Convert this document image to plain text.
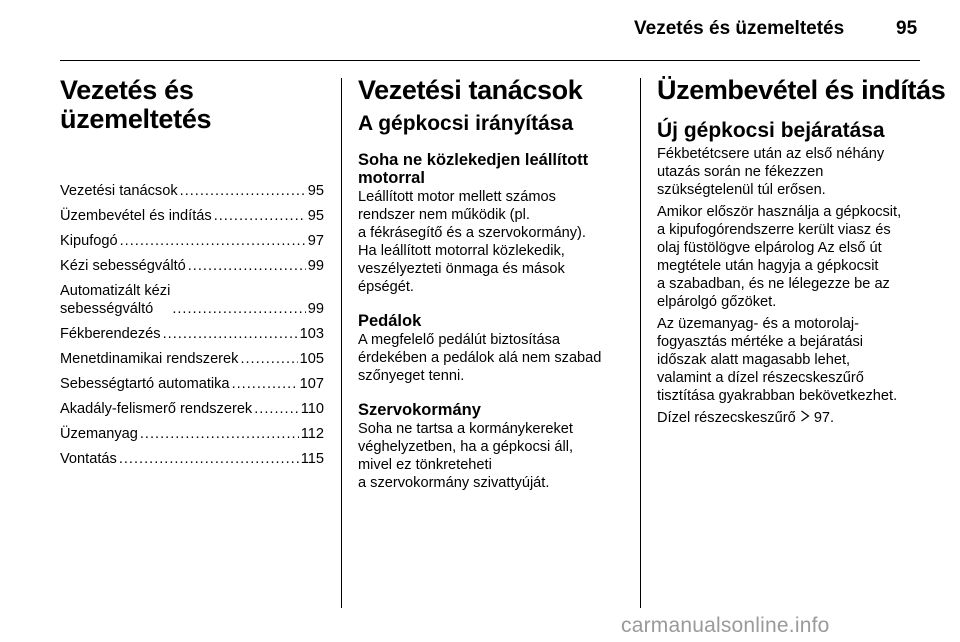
Vezetés és üzemeltetés	95
Vezetés és
üzemeltetés
Vezetési tanácsok .....	95
Üzembevétel és indítás .....	95
Kipufogó .....	97
Kézi sebességváltó .....	99
Automatizált kézi
sebességváltó .....	99
Fékberendezés .....	103
Menetdinamikai rendszerek .....	105
Sebességtartó automatika .....	107
Akadály-felismerő rendszerek .....	110
Üzemanyag .....	112
Vontatás .....	115
Vezetési tanácsok
A gépkocsi irányítása
Soha ne közlekedjen leállított
motorral
Leállított motor mellett számos
rendszer nem működik (pl.
a fékrásegítő és a szervokormány).
Ha leállított motorral közlekedik,
veszélyezteti önmaga és mások
épségét.
Pedálok
A megfelelő pedálút biztosítása
érdekében a pedálok alá nem szabad
szőnyeget tenni.
Szervokormány
Soha ne tartsa a kormánykereket
véghelyzetben, ha a gépkocsi áll,
mivel ez tönkreteheti
a szervokormány szivattyúját.
Üzembevétel és indítás
Új gépkocsi bejáratása
Fékbetétcsere után az első néhány
utazás során ne fékezzen
szükségtelenül túl erősen.
Amikor először használja a gépkocsit,
a kipufogórendszerre került viasz és
olaj füstölögve elpárolog Az első út
megtétele után hagyja a gépkocsit
a szabadban, és ne lélegezze be az
elpárolgó gőzöket.
Az üzemanyag- és a motorolaj-
fogyasztás mértéke a bejáratási
időszak alatt magasabb lehet,
valamint a dízel részecskeszűrő
tisztítása gyakrabban bekövetkezhet.
Dízel részecskeszűrő 97.
carmanualsonline.info
